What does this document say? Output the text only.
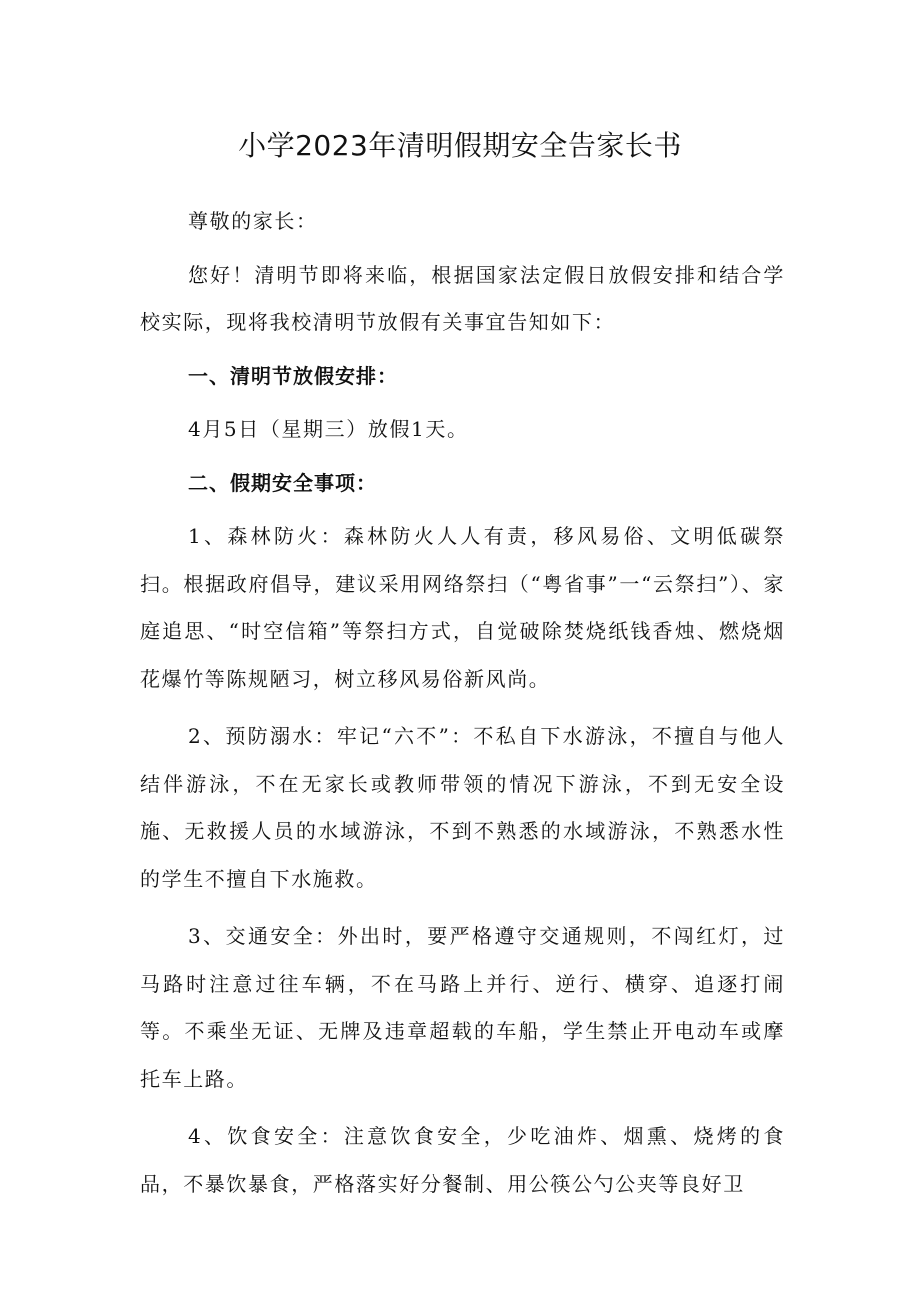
小学2023年清明假期安全告家长书

尊敬的家长：

您好！清明节即将来临，根据国家法定假日放假安排和结合学校实际，现将我校清明节放假有关事宜告知如下：

一、清明节放假安排：

4月5日（星期三）放假1天。

二、假期安全事项：

1、森林防火：森林防火人人有责，移风易俗、文明低碳祭扫。根据政府倡导，建议采用网络祭扫（“粤省事”一“云祭扫”）、家庭追思、“时空信箱”等祭扫方式，自觉破除焚烧纸钱香烛、燃烧烟花爆竹等陈规陋习，树立移风易俗新风尚。

2、预防溺水：牢记“六不”：不私自下水游泳，不擅自与他人结伴游泳，不在无家长或教师带领的情况下游泳，不到无安全设施、无救援人员的水域游泳，不到不熟悉的水域游泳，不熟悉水性的学生不擅自下水施救。

3、交通安全：外出时，要严格遵守交通规则，不闯红灯，过马路时注意过往车辆，不在马路上并行、逆行、横穿、追逐打闹等。不乘坐无证、无牌及违章超载的车船，学生禁止开电动车或摩托车上路。

4、饮食安全：注意饮食安全，少吃油炸、烟熏、烧烤的食品，不暴饮暴食，严格落实好分餐制、用公筷公勺公夹等良好卫
